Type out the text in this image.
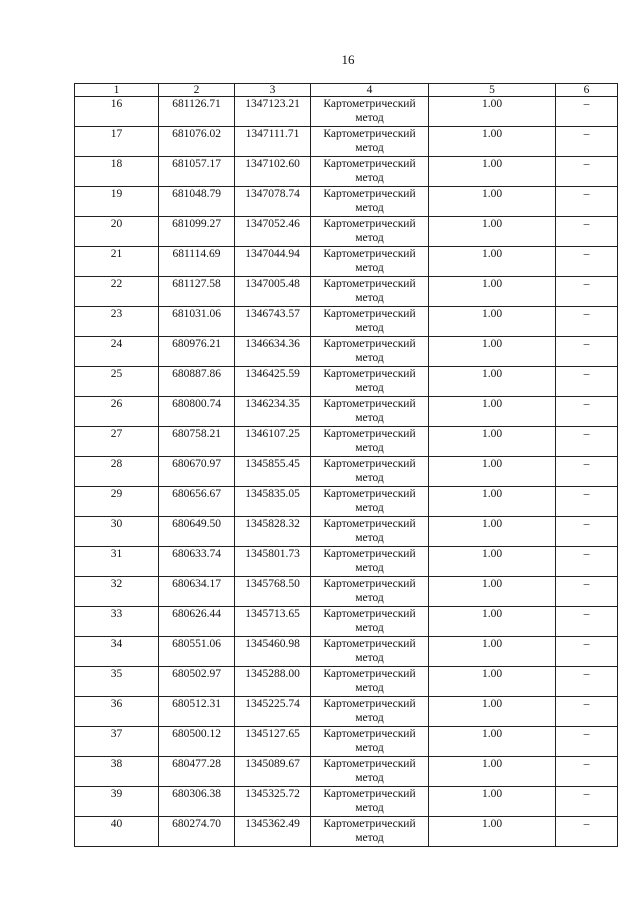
16
1	2	3	4	5	6
16	681126.71	1347123.21	Картометрический метод	1.00	–
17	681076.02	1347111.71	Картометрический метод	1.00	–
18	681057.17	1347102.60	Картометрический метод	1.00	–
19	681048.79	1347078.74	Картометрический метод	1.00	–
20	681099.27	1347052.46	Картометрический метод	1.00	–
21	681114.69	1347044.94	Картометрический метод	1.00	–
22	681127.58	1347005.48	Картометрический метод	1.00	–
23	681031.06	1346743.57	Картометрический метод	1.00	–
24	680976.21	1346634.36	Картометрический метод	1.00	–
25	680887.86	1346425.59	Картометрический метод	1.00	–
26	680800.74	1346234.35	Картометрический метод	1.00	–
27	680758.21	1346107.25	Картометрический метод	1.00	–
28	680670.97	1345855.45	Картометрический метод	1.00	–
29	680656.67	1345835.05	Картометрический метод	1.00	–
30	680649.50	1345828.32	Картометрический метод	1.00	–
31	680633.74	1345801.73	Картометрический метод	1.00	–
32	680634.17	1345768.50	Картометрический метод	1.00	–
33	680626.44	1345713.65	Картометрический метод	1.00	–
34	680551.06	1345460.98	Картометрический метод	1.00	–
35	680502.97	1345288.00	Картометрический метод	1.00	–
36	680512.31	1345225.74	Картометрический метод	1.00	–
37	680500.12	1345127.65	Картометрический метод	1.00	–
38	680477.28	1345089.67	Картометрический метод	1.00	–
39	680306.38	1345325.72	Картометрический метод	1.00	–
40	680274.70	1345362.49	Картометрический метод	1.00	–
